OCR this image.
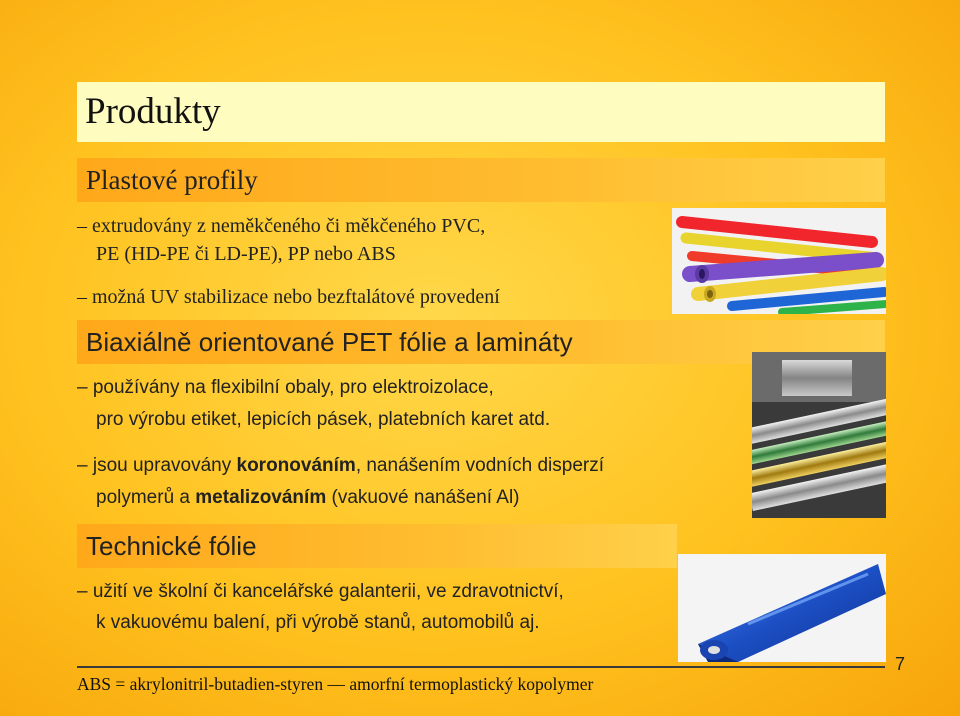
Produkty
Plastové profily
– extrudovány z neměkčeného či měkčeného PVC,
PE (HD-PE či LD-PE), PP nebo ABS
– možná UV stabilizace nebo bezftalátové provedení
Biaxiálně orientované PET fólie a lamináty
– používány na flexibilní obaly, pro elektroizolace,
pro výrobu etiket, lepicích pásek, platebních karet atd.
– jsou upravovány koronováním, nanášením vodních disperzí
polymerů a metalizováním (vakuové nanášení Al)
Technické fólie
– užití ve školní či kancelářské galanterii, ve zdravotnictví,
k vakuovému balení, při výrobě stanů, automobilů aj.
ABS = akrylonitril-butadien-styren — amorfní termoplastický kopolymer
7
